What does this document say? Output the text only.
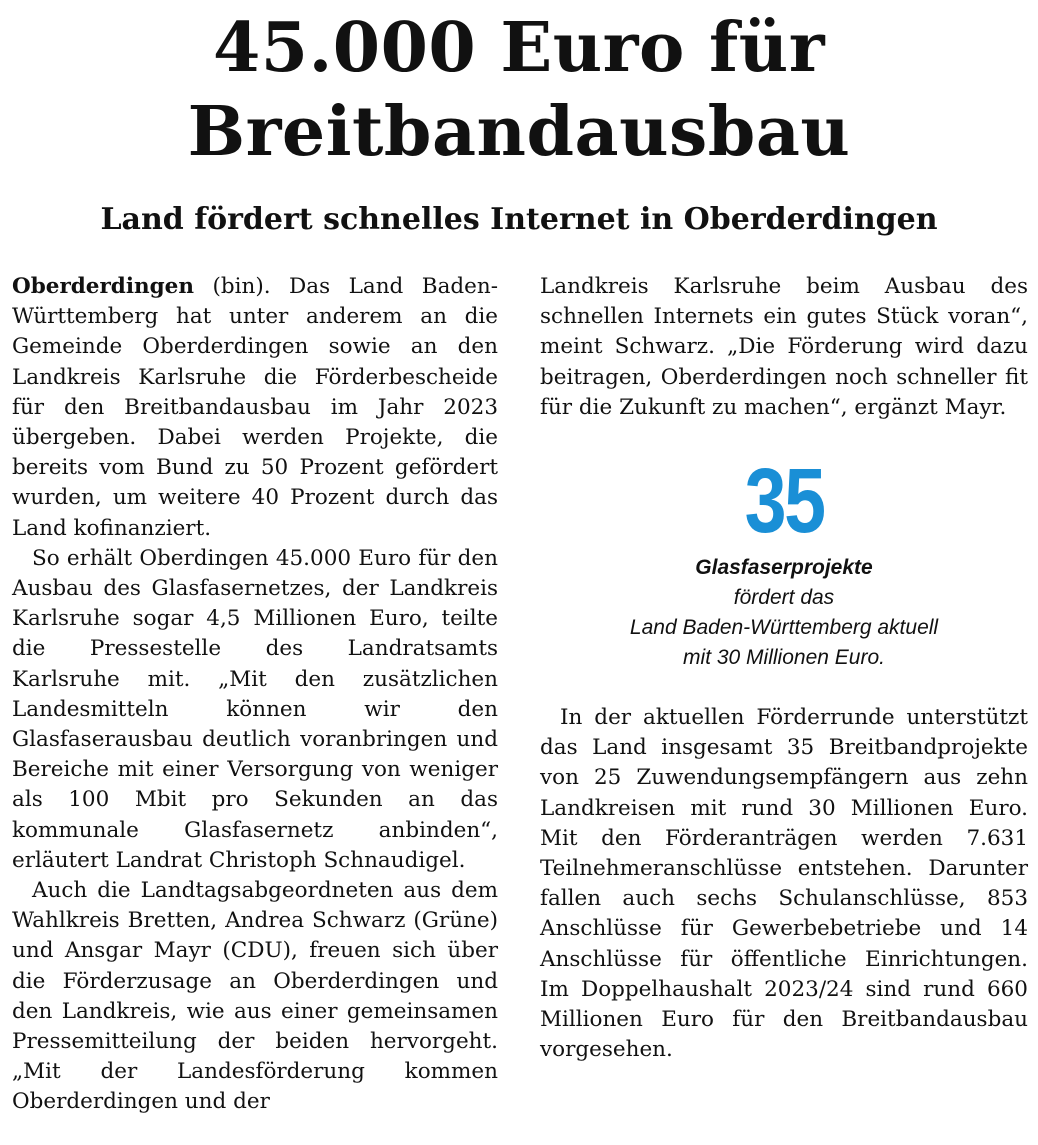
45.000 Euro für
Breitbandausbau
Land fördert schnelles Internet in Oberderdingen

Oberderdingen (bin). Das Land Baden-Württemberg hat unter anderem an die Gemeinde Oberderdingen sowie an den Landkreis Karlsruhe die Förderbescheide für den Breitbandausbau im Jahr 2023 übergeben. Dabei werden Projekte, die bereits vom Bund zu 50 Prozent gefördert wurden, um weitere 40 Prozent durch das Land kofinanziert.

So erhält Oberdingen 45.000 Euro für den Ausbau des Glasfasernetzes, der Landkreis Karlsruhe sogar 4,5 Millionen Euro, teilte die Pressestelle des Landratsamts Karlsruhe mit. „Mit den zusätzlichen Landesmitteln können wir den Glasfaserausbau deutlich voranbringen und Bereiche mit einer Versorgung von weniger als 100 Mbit pro Sekunden an das kommunale Glasfasernetz anbinden“, erläutert Landrat Christoph Schnaudigel.

Auch die Landtagsabgeordneten aus dem Wahlkreis Bretten, Andrea Schwarz (Grüne) und Ansgar Mayr (CDU), freuen sich über die Förderzusage an Oberderdingen und den Landkreis, wie aus einer gemeinsamen Pressemitteilung der beiden hervorgeht. „Mit der Landesförderung kommen Oberderdingen und der

Landkreis Karlsruhe beim Ausbau des schnellen Internets ein gutes Stück voran“, meint Schwarz. „Die Förderung wird dazu beitragen, Oberderdingen noch schneller fit für die Zukunft zu machen“, ergänzt Mayr.

35
Glasfaserprojekte
fördert das
Land Baden-Württemberg aktuell
mit 30 Millionen Euro.

In der aktuellen Förderrunde unterstützt das Land insgesamt 35 Breitbandprojekte von 25 Zuwendungsempfängern aus zehn Landkreisen mit rund 30 Millionen Euro. Mit den Förderanträgen werden 7.631 Teilnehmeranschlüsse entstehen. Darunter fallen auch sechs Schulanschlüsse, 853 Anschlüsse für Gewerbebetriebe und 14 Anschlüsse für öffentliche Einrichtungen. Im Doppelhaushalt 2023/24 sind rund 660 Millionen Euro für den Breitbandausbau vorgesehen.
